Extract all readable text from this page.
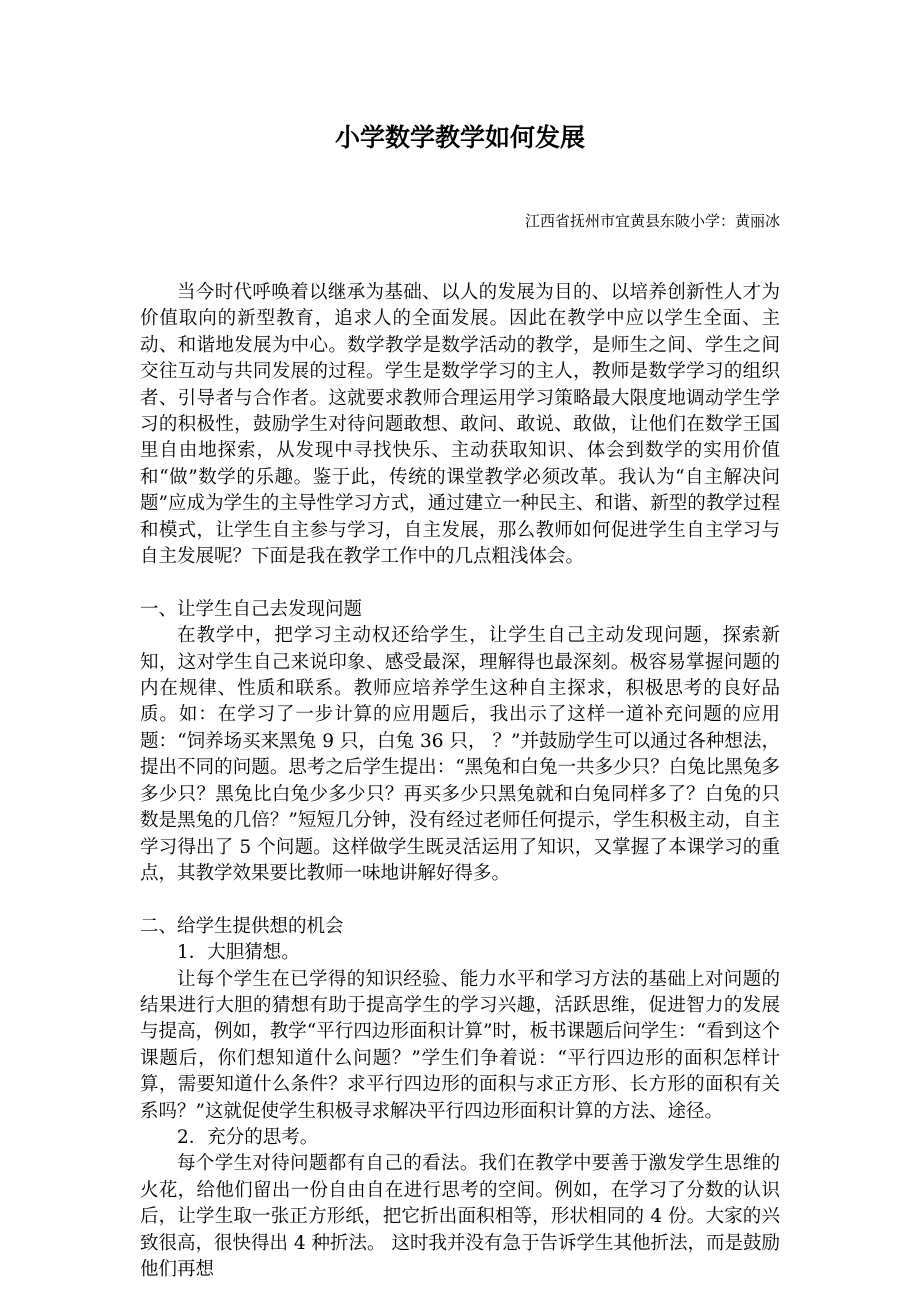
小学数学教学如何发展
江西省抚州市宜黄县东陂小学：黄丽冰

当今时代呼唤着以继承为基础、以人的发展为目的、以培养创新性人才为价值取向的新型教育，追求人的全面发展。因此在教学中应以学生全面、主动、和谐地发展为中心。数学教学是数学活动的教学，是师生之间、学生之间交往互动与共同发展的过程。学生是数学学习的主人，教师是数学学习的组织者、引导者与合作者。这就要求教师合理运用学习策略最大限度地调动学生学习的积极性，鼓励学生对待问题敢想、敢问、敢说、敢做，让他们在数学王国里自由地探索，从发现中寻找快乐、主动获取知识、体会到数学的实用价值和“做”数学的乐趣。鉴于此，传统的课堂教学必须改革。我认为“自主解决问题”应成为学生的主导性学习方式，通过建立一种民主、和谐、新型的教学过程和模式，让学生自主参与学习，自主发展，那么教师如何促进学生自主学习与自主发展呢？下面是我在教学工作中的几点粗浅体会。

一、让学生自己去发现问题

在教学中，把学习主动权还给学生，让学生自己主动发现问题，探索新知，这对学生自己来说印象、感受最深，理解得也最深刻。极容易掌握问题的内在规律、性质和联系。教师应培养学生这种自主探求，积极思考的良好品质。如：在学习了一步计算的应用题后，我出示了这样一道补充问题的应用题：“饲养场买来黑兔 9 只，白兔 36 只， ？”并鼓励学生可以通过各种想法，提出不同的问题。思考之后学生提出：“黑兔和白兔一共多少只？白兔比黑兔多多少只？黑兔比白兔少多少只？再买多少只黑兔就和白兔同样多了？白兔的只数是黑兔的几倍？”短短几分钟，没有经过老师任何提示，学生积极主动，自主学习得出了 5 个问题。这样做学生既灵活运用了知识，又掌握了本课学习的重点，其教学效果要比教师一味地讲解好得多。

二、给学生提供想的机会

1．大胆猜想。

让每个学生在已学得的知识经验、能力水平和学习方法的基础上对问题的结果进行大胆的猜想有助于提高学生的学习兴趣，活跃思维，促进智力的发展与提高，例如，教学“平行四边形面积计算”时，板书课题后问学生：“看到这个课题后，你们想知道什么问题？”学生们争着说：“平行四边形的面积怎样计算，需要知道什么条件？求平行四边形的面积与求正方形、长方形的面积有关系吗？”这就促使学生积极寻求解决平行四边形面积计算的方法、途径。

2．充分的思考。

每个学生对待问题都有自己的看法。我们在教学中要善于激发学生思维的火花，给他们留出一份自由自在进行思考的空间。例如，在学习了分数的认识后，让学生取一张正方形纸，把它折出面积相等，形状相同的 4 份。大家的兴致很高，很快得出 4 种折法。 这时我并没有急于告诉学生其他折法，而是鼓励他们再想
